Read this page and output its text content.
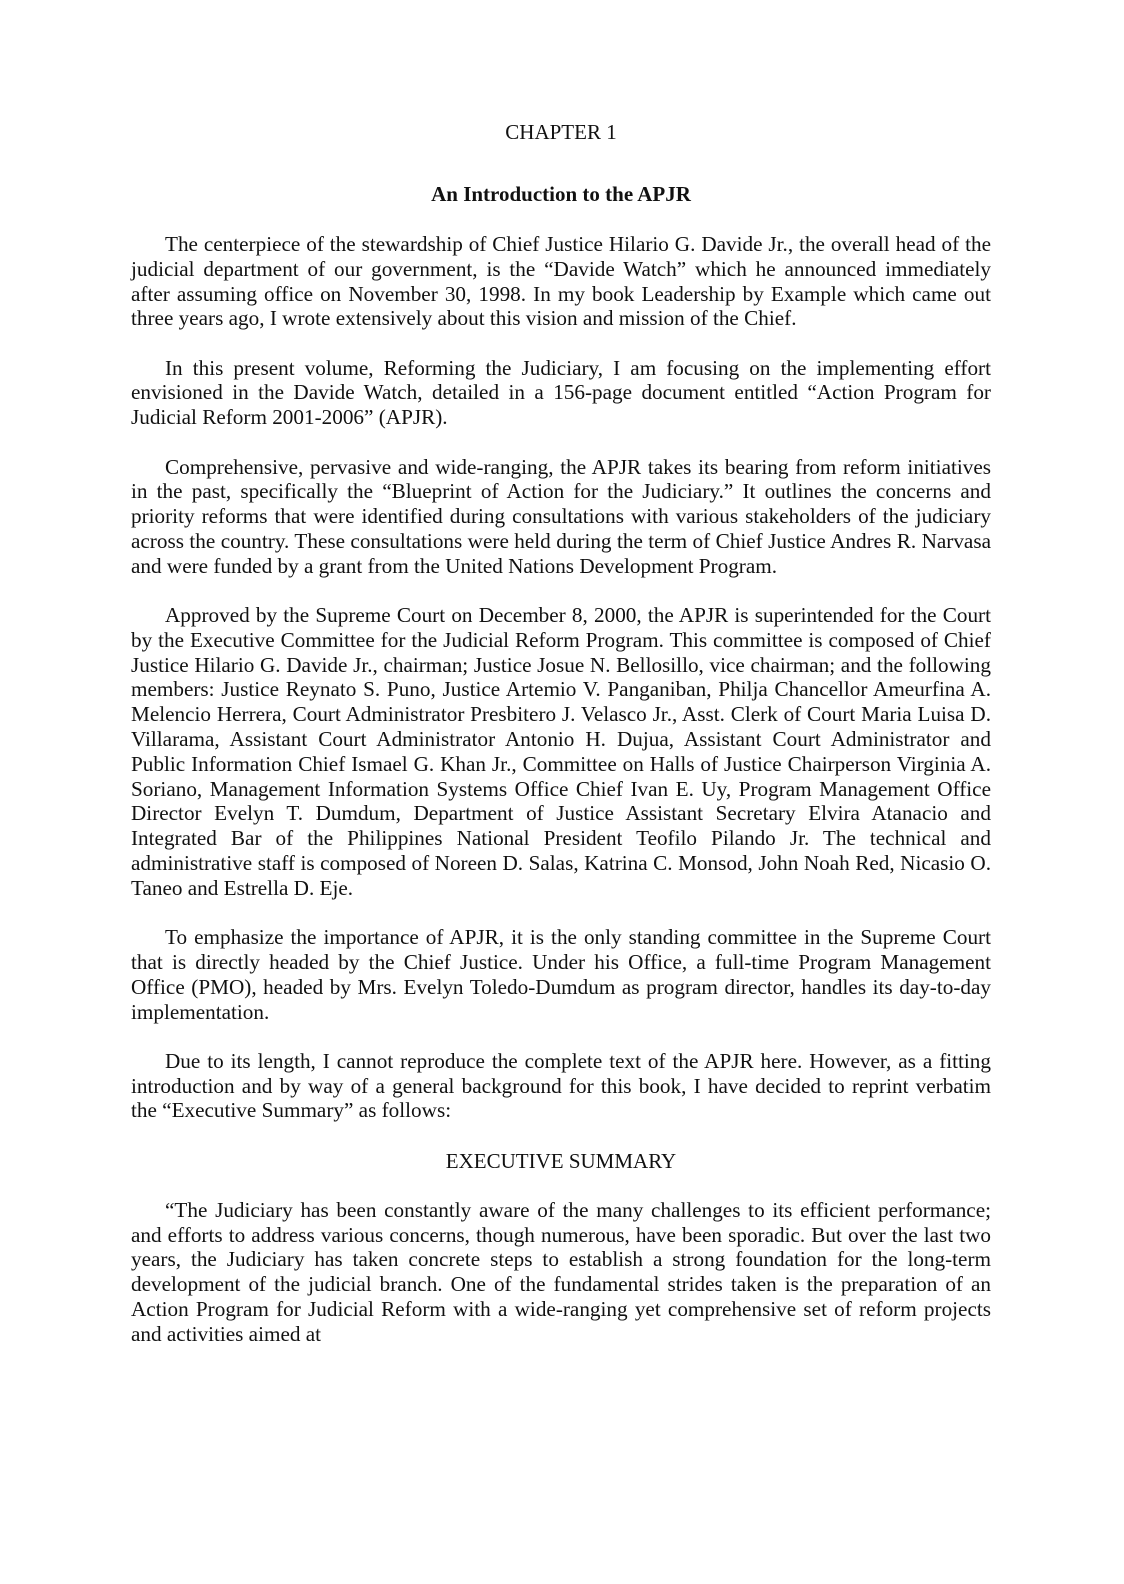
CHAPTER 1
An Introduction to the APJR

The centerpiece of the stewardship of Chief Justice Hilario G. Davide Jr., the overall head of the judicial department of our government, is the “Davide Watch” which he announced immediately after assuming office on November 30, 1998. In my book Leadership by Example which came out three years ago, I wrote extensively about this vision and mission of the Chief.

In this present volume, Reforming the Judiciary, I am focusing on the implementing effort envisioned in the Davide Watch, detailed in a 156-page document entitled “Action Program for Judicial Reform 2001-2006” (APJR).

Comprehensive, pervasive and wide-ranging, the APJR takes its bearing from reform initiatives in the past, specifically the “Blueprint of Action for the Judiciary.” It outlines the concerns and priority reforms that were identified during consultations with various stakeholders of the judiciary across the country. These consultations were held during the term of Chief Justice Andres R. Narvasa and were funded by a grant from the United Nations Development Program.

Approved by the Supreme Court on December 8, 2000, the APJR is superintended for the Court by the Executive Committee for the Judicial Reform Program. This committee is composed of Chief Justice Hilario G. Davide Jr., chairman; Justice Josue N. Bellosillo, vice chairman; and the following members: Justice Reynato S. Puno, Justice Artemio V. Panganiban, Philja Chancellor Ameurfina A. Melencio Herrera, Court Administrator Presbitero J. Velasco Jr., Asst. Clerk of Court Maria Luisa D. Villarama, Assistant Court Administrator Antonio H. Dujua, Assistant Court Administrator and Public Information Chief Ismael G. Khan Jr., Committee on Halls of Justice Chairperson Virginia A. Soriano, Management Information Systems Office Chief Ivan E. Uy, Program Management Office Director Evelyn T. Dumdum, Department of Justice Assistant Secretary Elvira Atanacio and Integrated Bar of the Philippines National President Teofilo Pilando Jr. The technical and administrative staff is composed of Noreen D. Salas, Katrina C. Monsod, John Noah Red, Nicasio O. Taneo and Estrella D. Eje.

To emphasize the importance of APJR, it is the only standing committee in the Supreme Court that is directly headed by the Chief Justice. Under his Office, a full-time Program Management Office (PMO), headed by Mrs. Evelyn Toledo-Dumdum as program director, handles its day-to-day implementation.

Due to its length, I cannot reproduce the complete text of the APJR here. However, as a fitting introduction and by way of a general background for this book, I have decided to reprint verbatim the “Executive Summary” as follows:

EXECUTIVE SUMMARY

“The Judiciary has been constantly aware of the many challenges to its efficient performance; and efforts to address various concerns, though numerous, have been sporadic. But over the last two years, the Judiciary has taken concrete steps to establish a strong foundation for the long-term development of the judicial branch. One of the fundamental strides taken is the preparation of an Action Program for Judicial Reform with a wide-ranging yet comprehensive set of reform projects and activities aimed at
